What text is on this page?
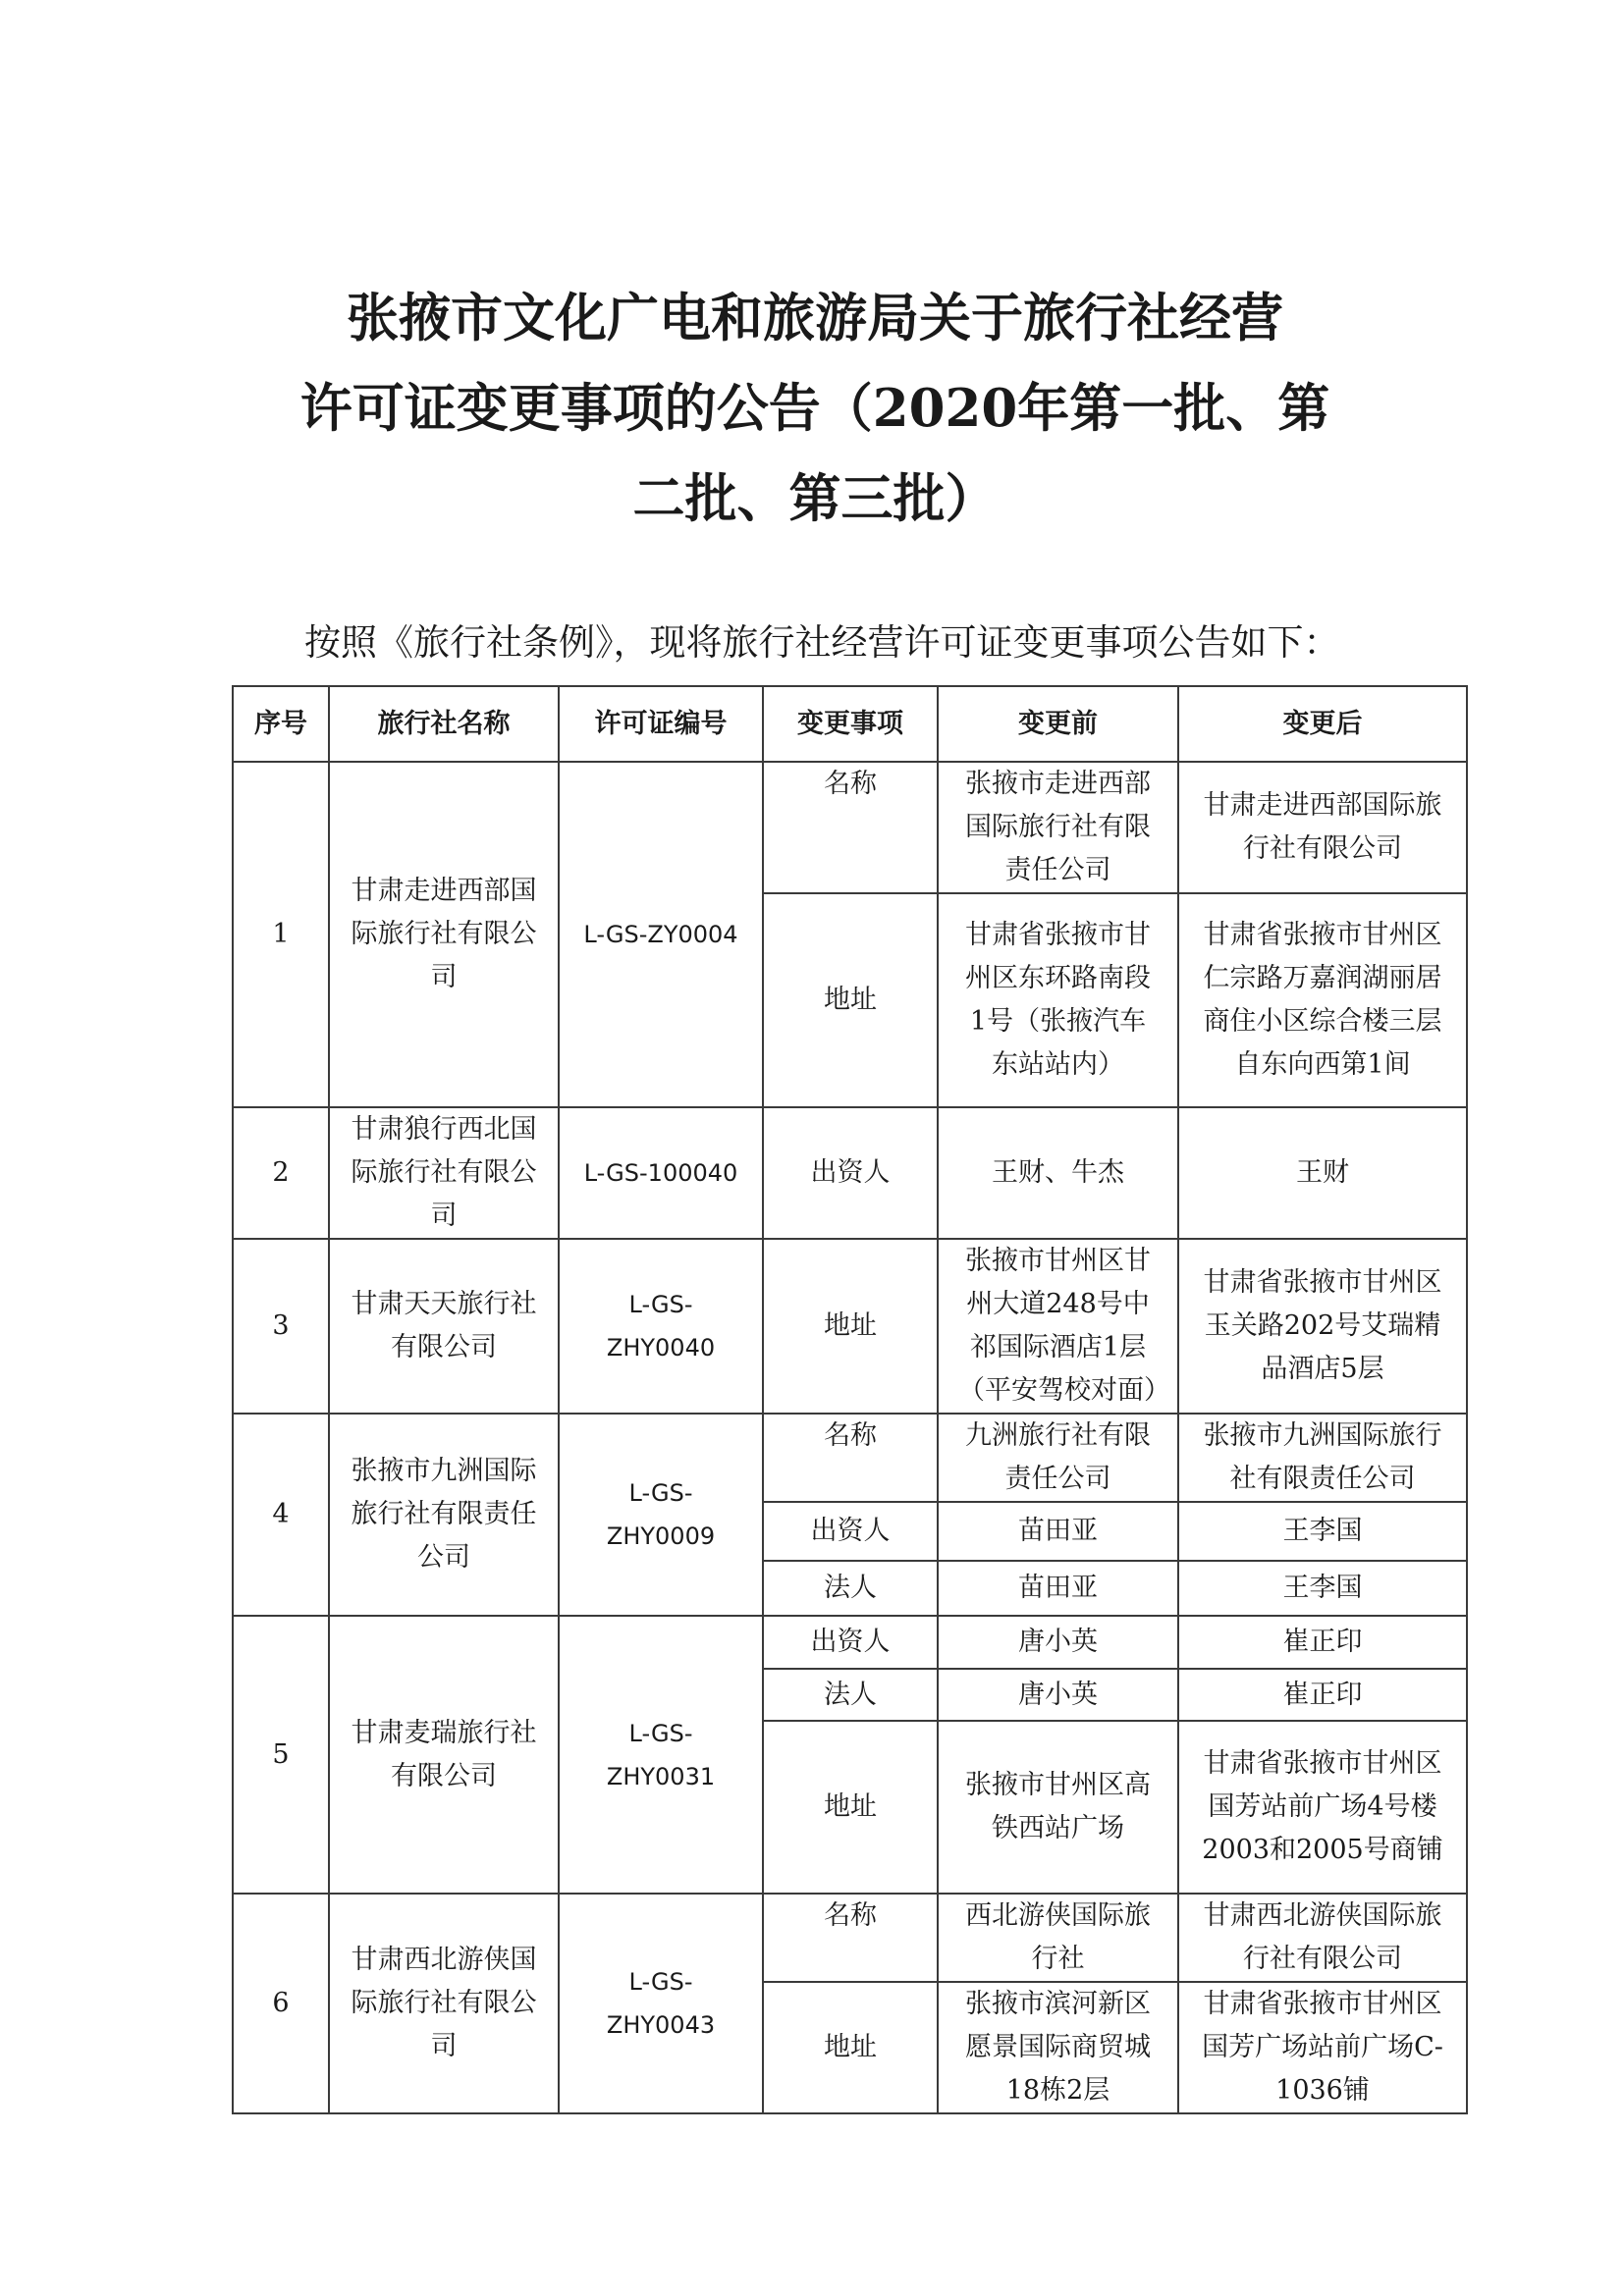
张掖市文化广电和旅游局关于旅行社经营
许可证变更事项的公告（2020年第一批、第
二批、第三批）
按照《旅行社条例》，现将旅行社经营许可证变更事项公告如下：
序号	旅行社名称	许可证编号	变更事项	变更前	变更后
1	甘肃走进西部国际旅行社有限公司	L-GS-ZY0004	名称	张掖市走进西部国际旅行社有限责任公司	甘肃走进西部国际旅行社有限公司
			地址	甘肃省张掖市甘州区东环路南段1号（张掖汽车东站站内）	甘肃省张掖市甘州区仁宗路万嘉润湖丽居商住小区综合楼三层自东向西第1间
2	甘肃狼行西北国际旅行社有限公司	L-GS-100040	出资人	王财、牛杰	王财
3	甘肃天天旅行社有限公司	L-GS-ZHY0040	地址	张掖市甘州区甘州大道248号中祁国际酒店1层（平安驾校对面）	甘肃省张掖市甘州区玉关路202号艾瑞精品酒店5层
4	张掖市九洲国际旅行社有限责任公司	L-GS-ZHY0009	名称	九洲旅行社有限责任公司	张掖市九洲国际旅行社有限责任公司
			出资人	苗田亚	王李国
			法人	苗田亚	王李国
5	甘肃麦瑞旅行社有限公司	L-GS-ZHY0031	出资人	唐小英	崔正印
			法人	唐小英	崔正印
			地址	张掖市甘州区高铁西站广场	甘肃省张掖市甘州区国芳站前广场4号楼2003和2005号商铺
6	甘肃西北游侠国际旅行社有限公司	L-GS-ZHY0043	名称	西北游侠国际旅行社	甘肃西北游侠国际旅行社有限公司
			地址	张掖市滨河新区愿景国际商贸城18栋2层	甘肃省张掖市甘州区国芳广场站前广场C-1036铺
